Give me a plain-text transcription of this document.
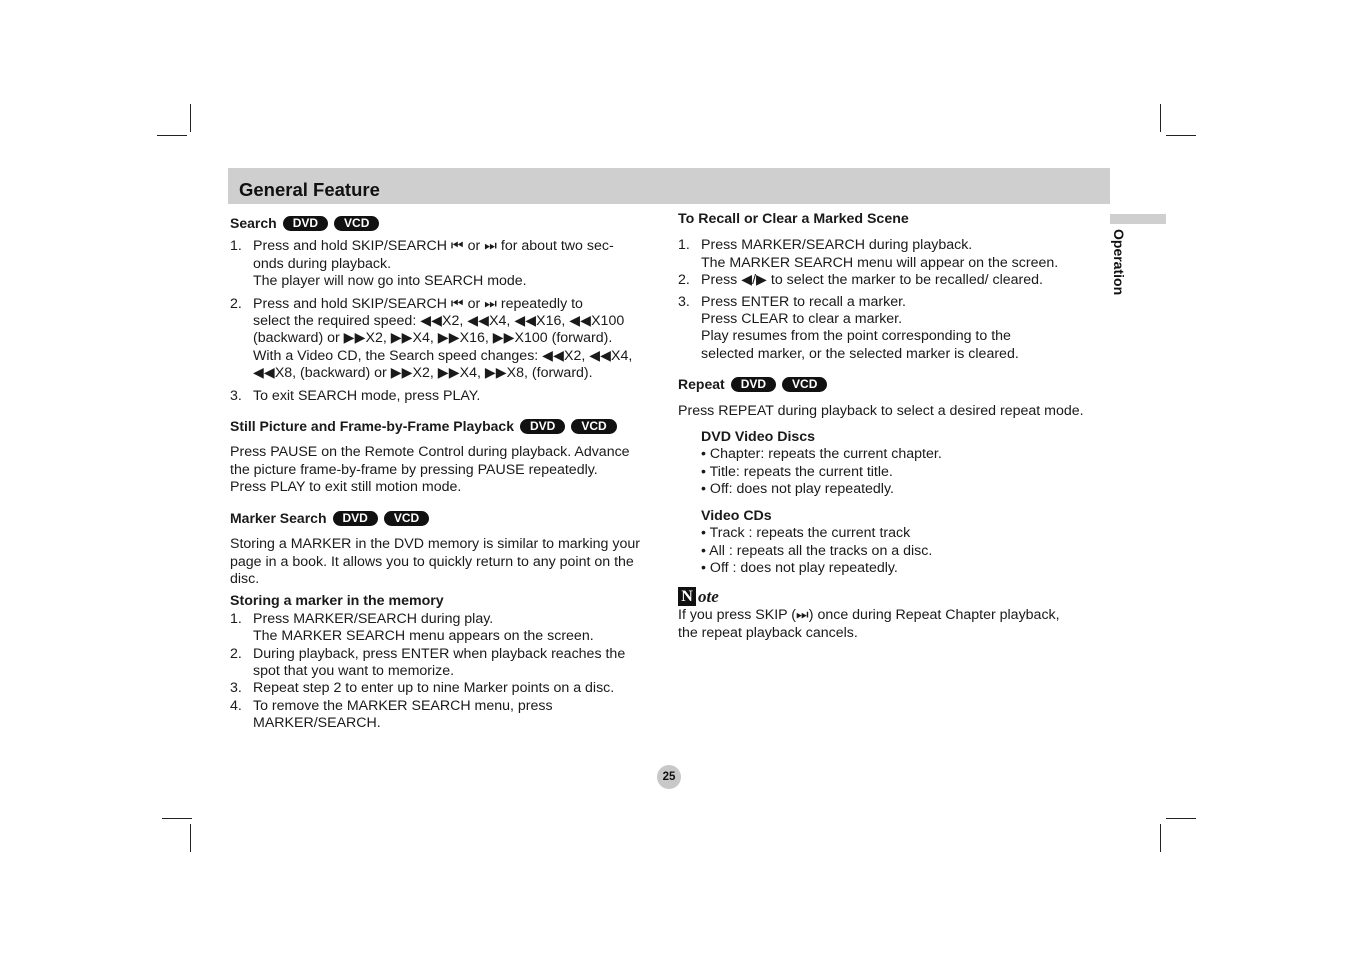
General Feature
Operation
Search	DVD	VCD
1. Press and hold SKIP/SEARCH ⏮ or ⏭ for about two sec-
onds during playback.
The player will now go into SEARCH mode.
2. Press and hold SKIP/SEARCH ⏮ or ⏭ repeatedly to
select the required speed: ◀◀X2, ◀◀X4, ◀◀X16, ◀◀X100
(backward) or ▶▶X2, ▶▶X4, ▶▶X16, ▶▶X100 (forward).
With a Video CD, the Search speed changes: ◀◀X2, ◀◀X4,
◀◀X8, (backward) or ▶▶X2, ▶▶X4, ▶▶X8, (forward).
3. To exit SEARCH mode, press PLAY.
Still Picture and Frame-by-Frame Playback	DVD	VCD

Press PAUSE on the Remote Control during playback. Advance

the picture frame-by-frame by pressing PAUSE repeatedly.

Press PLAY to exit still motion mode.

Marker Search	DVD	VCD

Storing a MARKER in the DVD memory is similar to marking your

page in a book. It allows you to quickly return to any point on the

disc.

Storing a marker in the memory

1. Press MARKER/SEARCH during play.
The MARKER SEARCH menu appears on the screen.
2. During playback, press ENTER when playback reaches the
spot that you want to memorize.
3. Repeat step 2 to enter up to nine Marker points on a disc.
4. To remove the MARKER SEARCH menu, press
MARKER/SEARCH.

To Recall or Clear a Marked Scene

1. Press MARKER/SEARCH during playback.
The MARKER SEARCH menu will appear on the screen.
2. Press ◀/▶ to select the marker to be recalled/ cleared.
3. Press ENTER to recall a marker.
Press CLEAR to clear a marker.
Play resumes from the point corresponding to the
selected marker, or the selected marker is cleared.
Repeat	DVD	VCD

Press REPEAT during playback to select a desired repeat mode.

DVD Video Discs

• Chapter: repeats the current chapter.
• Title: repeats the current title.
• Off: does not play repeatedly.

Video CDs

• Track : repeats the current track
• All : repeats all the tracks on a disc.
• Off : does not play repeatedly.
N ote

If you press SKIP (⏭) once during Repeat Chapter playback,

the repeat playback cancels.

25
